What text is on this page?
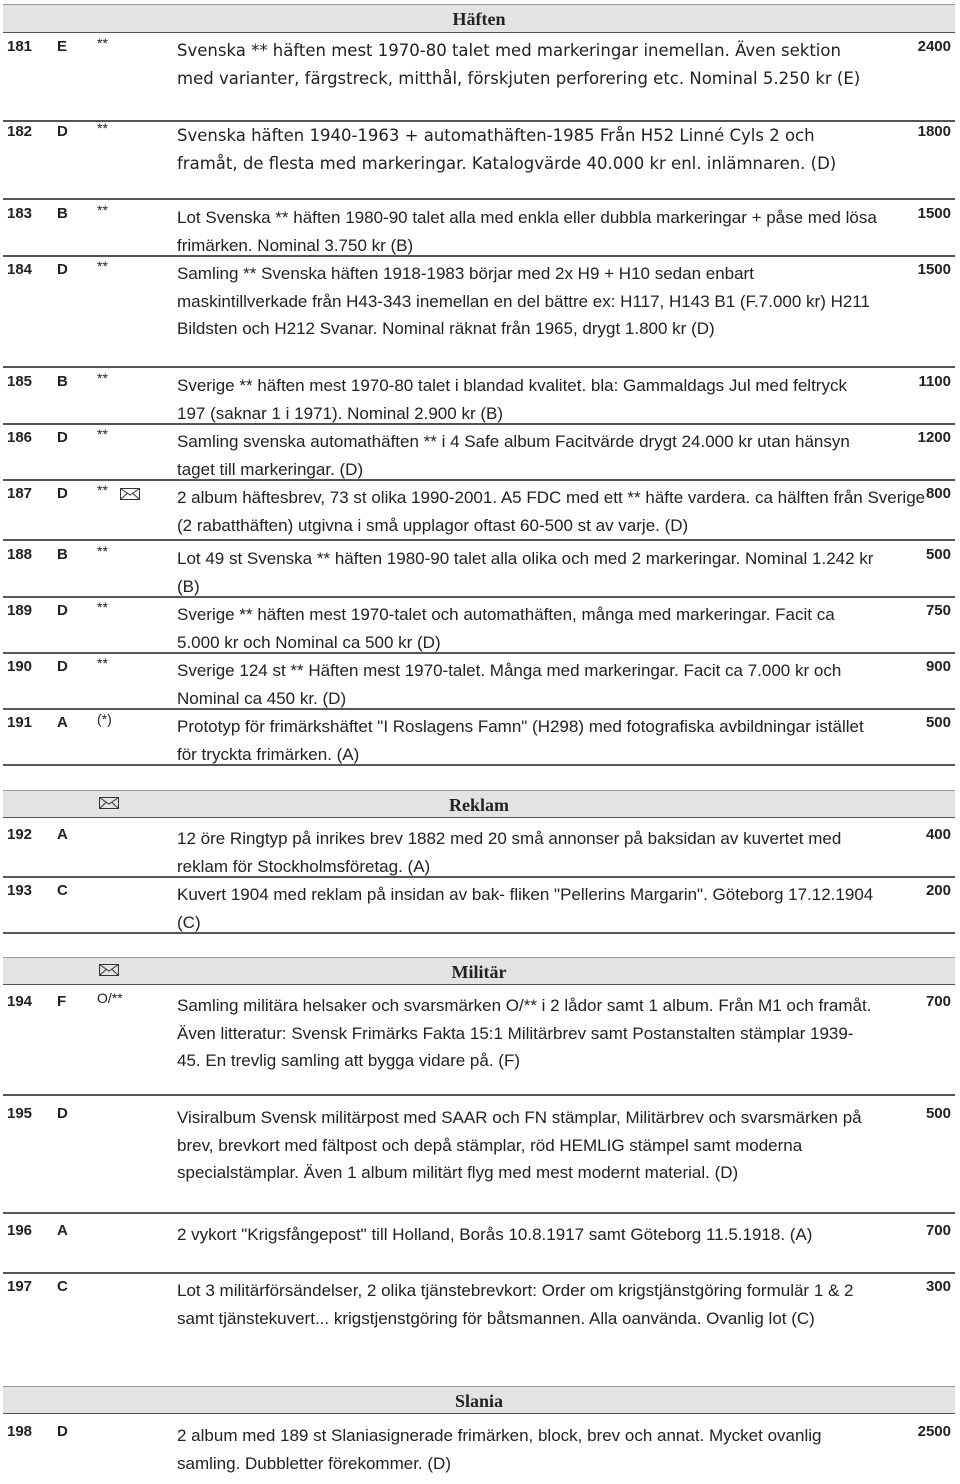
Häften
181 E **	Svenska ** häften mest 1970-80 talet med markeringar inemellan. Även sektion med varianter, färgstreck, mitthål, förskjuten perforering etc. Nominal 5.250 kr (E)
2400
182 D **	Svenska häften 1940-1963 + automathäften-1985 Från H52 Linné Cyls 2 och framåt, de flesta med markeringar. Katalogvärde 40.000 kr enl. inlämnaren. (D)
1800
183 B **	Lot Svenska ** häften 1980-90 talet alla med enkla eller dubbla markeringar + påse med lösa frimärken. Nominal 3.750 kr (B)
1500
184 D **	Samling ** Svenska häften 1918-1983 börjar med 2x H9 + H10 sedan enbart maskintillverkade från H43-343 inemellan en del bättre ex: H117, H143 B1 (F.7.000 kr) H211 Bildsten och H212 Svanar. Nominal räknat från 1965, drygt 1.800 kr (D)
1500
185 B **	Sverige ** häften mest 1970-80 talet i blandad kvalitet. bla: Gammaldags Jul med feltryck 197 (saknar 1 i 1971). Nominal 2.900 kr (B)
1100
186 D **	Samling svenska automathäften ** i 4 Safe album Facitvärde drygt 24.000 kr utan hänsyn taget till markeringar. (D)
1200
187 D **	2 album häftesbrev, 73 st olika 1990-2001. A5 FDC med ett ** häfte vardera. ca hälften från Sverige (2 rabatthäften) utgivna i små upplagor oftast 60-500 st av varje. (D)
800
188 B **	Lot 49 st Svenska ** häften 1980-90 talet alla olika och med 2 markeringar. Nominal 1.242 kr (B)
500
189 D **	Sverige ** häften mest 1970-talet och automathäften, många med markeringar. Facit ca 5.000 kr och Nominal ca 500 kr (D)
750
190 D **	Sverige 124 st ** Häften mest 1970-talet. Många med markeringar. Facit ca 7.000 kr och Nominal ca 450 kr. (D)
900
191 A (*)	Prototyp för frimärkshäftet "I Roslagens Famn" (H298) med fotografiska avbildningar istället för tryckta frimärken. (A)
500
Reklam
192 A	12 öre Ringtyp på inrikes brev 1882 med 20 små annonser på baksidan av kuvertet med reklam för Stockholmsföretag. (A)
400
193 C	Kuvert 1904 med reklam på insidan av bak- fliken "Pellerins Margarin". Göteborg 17.12.1904 (C)
200
Militär
194 F O/**	Samling militära helsaker och svarsmärken O/** i 2 lådor samt 1 album. Från M1 och framåt. Även litteratur: Svensk Frimärks Fakta 15:1 Militärbrev samt Postanstalten stämplar 1939-45. En trevlig samling att bygga vidare på. (F)
700
195 D	Visiralbum Svensk militärpost med SAAR och FN stämplar, Militärbrev och svarsmärken på brev, brevkort med fältpost och depå stämplar, röd HEMLIG stämpel samt moderna specialstämplar. Även 1 album militärt flyg med mest modernt material. (D)
500
196 A	2 vykort "Krigsfångepost" till Holland, Borås 10.8.1917 samt Göteborg 11.5.1918. (A)	700
197 C	Lot 3 militärförsändelser, 2 olika tjänstebrevkort: Order om krigstjänstgöring formulär 1 & 2 samt tjänstekuvert... krigstjenstgöring för båtsmannen. Alla oanvända. Ovanlig lot (C)
300
Slania
198 D	2 album med 189 st Slaniasignerade frimärken, block, brev och annat. Mycket ovanlig samling. Dubbletter förekommer. (D)
2500
